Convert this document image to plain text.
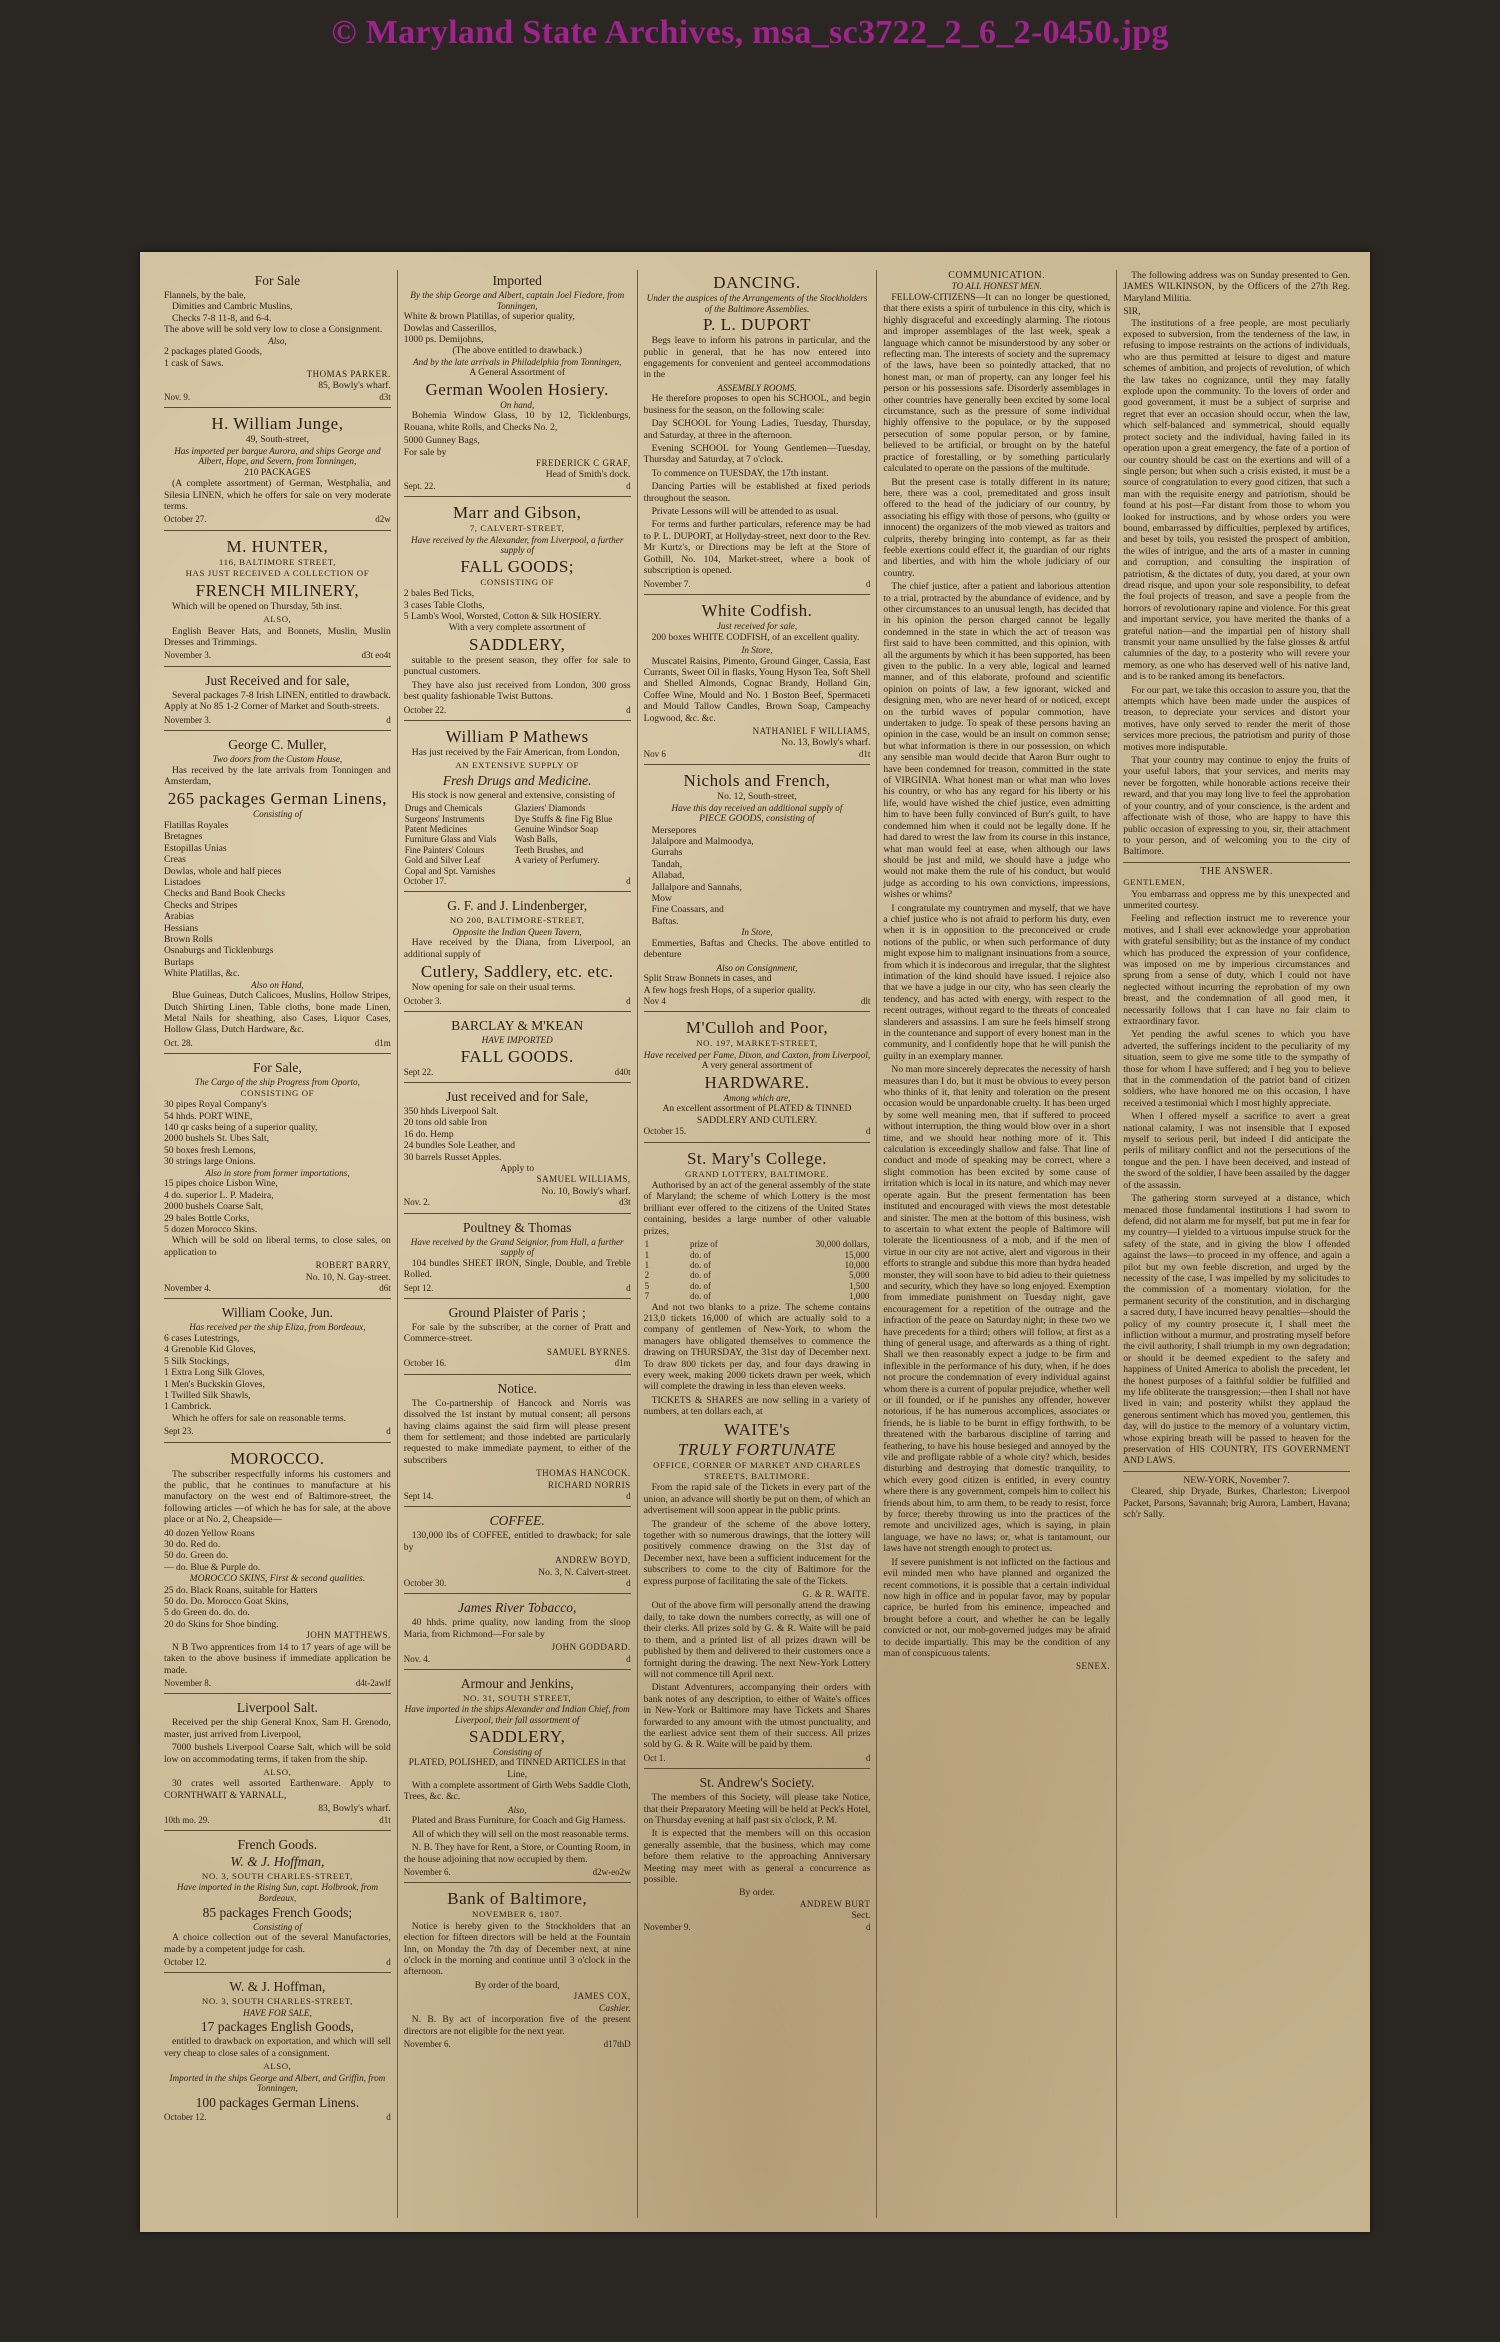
© Maryland State Archives, msa_sc3722_2_6_2-0450.jpg
For Sale
Flannels, by the bale,
Dimities and Cambric Muslins,
Checks 7-8 11-8, and 6-4.
The above will be sold very low to close a Consignment.
Also,
2 packages plated Goods,
1 cask of Saws.
THOMAS PARKER.
85, Bowly's wharf.
Nov. 9.	d3t
H. William Junge,
49, South-street,
Has imported per barque Aurora, and ships George and Albert, Hope, and Severn, from Tonningen,
210 PACKAGES

(A complete assortment) of German, Westphalia, and Silesia LINEN, which he offers for sale on very moderate terms.

October 27.	d2w
M. HUNTER,
116, BALTIMORE STREET,
HAS JUST RECEIVED A COLLECTION OF
FRENCH MILINERY,

Which will be opened on Thursday, 5th inst.

ALSO,

English Beaver Hats, and Bonnets, Muslin, Muslin Dresses and Trimmings.

November 3.	d3t eo4t
Just Received and for sale,

Several packages 7-8 Irish LINEN, entitled to drawback. Apply at No 85 1-2 Corner of Market and South-streets.

November 3.	d
George C. Muller,
Two doors from the Custom House,

Has received by the late arrivals from Tonningen and Amsterdam,

265 packages German Linens,
Consisting of
Flatillas Royales
Bretagnes
Estopillas Unias
Creas
Dowlas, whole and half pieces
Listadoes
Checks and Band Book Checks
Checks and Stripes
Arabias
Hessians
Brown Rolls
Osnaburgs and Ticklenburgs
Burlaps
White Platillas, &c.
Also on Hand,

Blue Guineas, Dutch Calicoes, Muslins, Hollow Stripes, Dutch Shirting Linen, Table cloths, bone made Linen, Metal Nails for sheathing, also Cases, Liquor Cases, Hollow Glass, Dutch Hardware, &c.

Oct. 28.	d1m
For Sale,
The Cargo of the ship Progress from Oporto,
CONSISTING OF
30 pipes Royal Company's
54 hhds. PORT WINE,
140 qr casks being of a superior quality,
2000 bushels St. Ubes Salt,
50 boxes fresh Lemons,
30 strings large Onions.
Also in store from former importations,
15 pipes choice Lisbon Wine,
4 do. superior L. P. Madeira,
2000 bushels Coarse Salt,
29 bales Bottle Corks,
5 dozen Morocco Skins.

Which will be sold on liberal terms, to close sales, on application to

ROBERT BARRY,
No. 10, N. Gay-street.
November 4.	d6t
William Cooke, Jun.
Has received per the ship Eliza, from Bordeaux,
6 cases Lutestrings,
4 Grenoble Kid Gloves,
5 Silk Stockings,
1 Extra Long Silk Gloves,
1 Men's Buckskin Gloves,
1 Twilled Silk Shawls,
1 Cambrick.

Which he offers for sale on reasonable terms.

Sept 23.	d
MOROCCO.

The subscriber respectfully informs his customers and the public, that he continues to manufacture at his manufactory on the west end of Baltimore-street, the following articles —of which he has for sale, at the above place or at No. 2, Cheapside—

40 dozen Yellow Roans
30 do. Red do.
50 do. Green do.
— do. Blue & Purple do.
MOROCCO SKINS, First & second qualities.
25 do. Black Roans, suitable for Hatters
50 do. Do. Morocco Goat Skins,
5 do Green do. do. do.
20 do Skins for Shoe binding.
JOHN MATTHEWS.

N B Two apprentices from 14 to 17 years of age will be taken to the above business if immediate application be made.

November 8.	d4t-2awlf
Liverpool Salt.

Received per the ship General Knox, Sam H. Grenodo, master, just arrived from Liverpool,

7000 bushels Liverpool Coarse Salt, which will be sold low on accommodating terms, if taken from the ship.

ALSO,

30 crates well assorted Earthenware. Apply to CORNTHWAIT & YARNALL,

83, Bowly's wharf.
10th mo. 29.	d1t
French Goods.
W. & J. Hoffman,
NO. 3, SOUTH CHARLES-STREET,
Have imported in the Rising Sun, capt. Holbrook, from Bordeaux,
85 packages French Goods;
Consisting of

A choice collection out of the several Manufactories, made by a competent judge for cash.

October 12.	d
W. & J. Hoffman,
NO. 3, SOUTH CHARLES-STREET,
HAVE FOR SALE,
17 packages English Goods,

entitled to drawback on exportation, and which will sell very cheap to close sales of a consignment.

ALSO,
Imported in the ships George and Albert, and Griffin, from Tonningen,
100 packages German Linens.
October 12.	d
Imported
By the ship George and Albert, captain Joel Fiedore, from Tonningen,
White & brown Platillas, of superior quality,
Dowlas and Casserillos,
1000 ps. Demijohns,
(The above entitled to drawback.)
And by the late arrivals in Philadelphia from Tonningen,
A General Assortment of
German Woolen Hosiery.
On hand,

Bohemia Window Glass, 10 by 12, Ticklenburgs, Rouana, white Rolls, and Checks No. 2,

5000 Gunney Bags,
For sale by
FREDERICK C GRAF,
Head of Smith's dock.
Sept. 22.	d
Marr and Gibson,
7, CALVERT-STREET,
Have received by the Alexander, from Liverpool, a further supply of
FALL GOODS;
CONSISTING OF
2 bales Bed Ticks,
3 cases Table Cloths,
5 Lamb's Wool, Worsted, Cotton & Silk HOSIERY.
With a very complete assortment of
SADDLERY,

suitable to the present season, they offer for sale to punctual customers.

They have also just received from London, 300 gross best quality fashionable Twist Buttons.

October 22.	d
William P Mathews

Has just received by the Fair American, from London,

AN EXTENSIVE SUPPLY OF
Fresh Drugs and Medicine.

His stock is now general and extensive, consisting of

Drugs and Chemicals	Glaziers' Diamonds
Surgeons' Instruments	Dye Stuffs & fine Fig Blue
Patent Medicines	Genuine Windsor Soap
Furniture Glass and Vials	Wash Balls,
Fine Painters' Colours	Teeth Brushes, and
Gold and Silver Leaf	A variety of Perfumery.
Copal and Spt. Varnishes	
October 17.	d
G. F. and J. Lindenberger,
NO 200, BALTIMORE-STREET,
Opposite the Indian Queen Tavern,

Have received by the Diana, from Liverpool, an additional supply of

Cutlery, Saddlery, etc. etc.

Now opening for sale on their usual terms.

October 3.	d
BARCLAY & M'KEAN
HAVE IMPORTED
FALL GOODS.
Sept 22.	d40t
Just received and for Sale,
350 hhds Liverpool Salt.
20 tons old sable Iron
16 do. Hemp
24 bundles Sole Leather, and
30 barrels Russet Apples.
Apply to
SAMUEL WILLIAMS,
No. 10, Bowly's wharf.
Nov. 2.	d3t
Poultney & Thomas
Have received by the Grand Seignior, from Hull, a further supply of

104 bundles SHEET IRON, Single, Double, and Treble Rolled.

Sept 12.	d
Ground Plaister of Paris ;

For sale by the subscriber, at the corner of Pratt and Commerce-street.

SAMUEL BYRNES.
October 16.	d1m
Notice.

The Co-partnership of Hancock and Norris was dissolved the 1st instant by mutual consent; all persons having claims against the said firm will please present them for settlement; and those indebted are particularly requested to make immediate payment, to either of the subscribers

THOMAS HANCOCK.
RICHARD NORRIS
Sept 14.	d
COFFEE.

130,000 lbs of COFFEE, entitled to drawback; for sale by

ANDREW BOYD,
No. 3, N. Calvert-street.
October 30.	d
James River Tobacco,

40 hhds. prime quality, now landing from the sloop Maria, from Richmond—For sale by

JOHN GODDARD.
Nov. 4.	d
Armour and Jenkins,
NO. 31, SOUTH STREET,
Have imported in the ships Alexander and Indian Chief, from Liverpool, their fall assortment of
SADDLERY,
Consisting of
PLATED, POLISHED, and TINNED ARTICLES in that Line,

With a complete assortment of Girth Webs Saddle Cloth, Trees, &c. &c.

Also,

Plated and Brass Furniture, for Coach and Gig Harness.

All of which they will sell on the most reasonable terms.

N. B. They have for Rent, a Store, or Counting Room, in the house adjoining that now occupied by them.

November 6.	d2w-eo2w
Bank of Baltimore,
NOVEMBER 6, 1807.

Notice is hereby given to the Stockholders that an election for fifteen directors will be held at the Fountain Inn, on Monday the 7th day of December next, at nine o'clock in the morning and continue until 3 o'clock in the afternoon.

By order of the board,
JAMES COX,
Cashier.

N. B. By act of incorporation five of the present directors are not eligible for the next year.

November 6.	d17thD
DANCING.
Under the auspices of the Arrangements of the Stockholders of the Baltimore Assemblies.
P. L. DUPORT

Begs leave to inform his patrons in particular, and the public in general, that he has now entered into engagements for convenient and genteel accommodations in the

ASSEMBLY ROOMS.

He therefore proposes to open his SCHOOL, and begin business for the season, on the following scale:

Day SCHOOL for Young Ladies, Tuesday, Thursday, and Saturday, at three in the afternoon.

Evening SCHOOL for Young Gentlemen—Tuesday, Thursday and Saturday, at 7 o'clock.

To commence on TUESDAY, the 17th instant.

Dancing Parties will be established at fixed periods throughout the season.

Private Lessons will will be attended to as usual.

For terms and further particulars, reference may be had to P. L. DUPORT, at Hollyday-street, next door to the Rev. Mr Kurtz's, or Directions may be left at the Store of Gothill, No. 104, Market-street, where a book of subscription is opened.

November 7.	d
White Codfish.
Just received for sale,

200 boxes WHITE CODFISH, of an excellent quality.

In Store,

Muscatel Raisins, Pimento, Ground Ginger, Cassia, East Currants, Sweet Oil in flasks, Young Hyson Tea, Soft Shell and Shelled Almonds, Cognac Brandy, Holland Gin, Coffee Wine, Mould and No. 1 Boston Beef, Spermaceti and Mould Tallow Candles, Brown Soap, Campeachy Logwood, &c. &c.

NATHANIEL F WILLIAMS,
No. 13, Bowly's wharf.
Nov 6	d1t
Nichols and French,
No. 12, South-street,
Have this day received an additional supply of
PIECE GOODS, consisting of
Mersepores
Jalalpore and Malmoodya,
Gurrahs
Tandah,
Allabad,
Jallalpore and Sannahs,
Mow
Fine Coassars, and
Baftas.
In Store,

Emmerties, Baftas and Checks. The above entitled to debenture

Also on Consignment,
Split Straw Bonnets in cases, and
A few hogs fresh Hops, of a superior quality.
Nov 4	dlt
M'Culloh and Poor,
NO. 197, MARKET-STREET,
Have received per Fame, Dixon, and Caxton, from Liverpool,
A very general assortment of
HARDWARE.
Among which are,
An excellent assortment of PLATED & TINNED SADDLERY AND CUTLERY.
October 15.	d
St. Mary's College.
GRAND LOTTERY, BALTIMORE.

Authorised by an act of the general assembly of the state of Maryland; the scheme of which Lottery is the most brilliant ever offered to the citizens of the United States containing, besides a large number of other valuable prizes,

1	prize of	30,000 dollars,
1	do. of	15,000
1	do. of	10,000
2	do. of	5,000
5	do. of	1,500
7	do. of	1,000

And not two blanks to a prize. The scheme contains 213,0 tickets 16,000 of which are actually sold to a company of gentlemen of New-York, to whom the managers have obligated themselves to commence the drawing on THURSDAY, the 31st day of December next. To draw 800 tickets per day, and four days drawing in every week, making 2000 tickets drawn per week, which will complete the drawing in less than eleven weeks.

TICKETS & SHARES are now selling in a variety of numbers, at ten dollars each, at

WAITE's
TRULY FORTUNATE
OFFICE, CORNER OF MARKET AND CHARLES STREETS, BALTIMORE.

From the rapid sale of the Tickets in every part of the union, an advance will shortly be put on them, of which an advertisement will soon appear in the public prints.

The grandeur of the scheme of the above lottery, together with so numerous drawings, that the lottery will positively commence drawing on the 31st day of December next, have been a sufficient inducement for the subscribers to come to the city of Baltimore for the express purpose of facilitating the sale of the Tickets.

G. & R. WAITE.

Out of the above firm will personally attend the drawing daily, to take down the numbers correctly, as will one of their clerks. All prizes sold by G. & R. Waite will be paid to them, and a printed list of all prizes drawn will be published by them and delivered to their customers once a fortnight during the drawing. The next New-York Lottery will not commence till April next.

Distant Adventurers, accompanying their orders with bank notes of any description, to either of Waite's offices in New-York or Baltimore may have Tickets and Shares forwarded to any amount with the utmost punctuality, and the earliest advice sent them of their success. All prizes sold by G. & R. Waite will be paid by them.

Oct 1.	d
St. Andrew's Society.

The members of this Society, will please take Notice, that their Preparatory Meeting will be held at Peck's Hotel, on Thursday evening at half past six o'clock, P. M.

It is expected that the members will on this occasion generally assemble, that the business, which may come before them relative to the approaching Anniversary Meeting may meet with as general a concurrence as possible.

By order.
ANDREW BURT
Sect.
November 9.	d
COMMUNICATION.
TO ALL HONEST MEN.

FELLOW-CITIZENS—It can no longer be questioned, that there exists a spirit of turbulence in this city, which is highly disgraceful and exceedingly alarming. The riotous and improper assemblages of the last week, speak a language which cannot be misunderstood by any sober or reflecting man. The interests of society and the supremacy of the laws, have been so pointedly attacked, that no honest man, or man of property, can any longer feel his person or his possessions safe. Disorderly assemblages in other countries have generally been excited by some local circumstance, such as the pressure of some individual highly offensive to the populace, or by the supposed persecution of some popular person, or by famine, believed to be artificial, or brought on by the hateful practice of forestalling, or by something particularly calculated to operate on the passions of the multitude.

But the present case is totally different in its nature; here, there was a cool, premeditated and gross insult offered to the head of the judiciary of our country, by associating his effigy with those of persons, who (guilty or innocent) the organizers of the mob viewed as traitors and culprits, thereby bringing into contempt, as far as their feeble exertions could effect it, the guardian of our rights and liberties, and with him the whole judiciary of our country.

The chief justice, after a patient and laborious attention to a trial, protracted by the abundance of evidence, and by other circumstances to an unusual length, has decided that in his opinion the person charged cannot be legally condemned in the state in which the act of treason was first said to have been committed, and this opinion, with all the arguments by which it has been supported, has been given to the public. In a very able, logical and learned manner, and of this elaborate, profound and scientific opinion on points of law, a few ignorant, wicked and designing men, who are never heard of or noticed, except on the turbid waves of popular commotion, have undertaken to judge. To speak of these persons having an opinion in the case, would be an insult on common sense; but what information is there in our possession, on which any sensible man would decide that Aaron Burr ought to have been condemned for treason, committed in the state of VIRGINIA. What honest man or what man who loves his country, or who has any regard for his liberty or his life, would have wished the chief justice, even admitting him to have been fully convinced of Burr's guilt, to have condemned him when it could not be legally done. If he had dared to wrest the law from its course in this instance, what man would feel at ease, when although our laws should be just and mild, we should have a judge who would not make them the rule of his conduct, but would judge as according to his own convictions, impressions, wishes or whims?

I congratulate my countrymen and myself, that we have a chief justice who is not afraid to perform his duty, even when it is in opposition to the preconceived or crude notions of the public, or when such performance of duty might expose him to malignant insinuations from a source, from which it is indecorous and irregular, that the slightest intimation of the kind should have issued. I rejoice also that we have a judge in our city, who has seen clearly the tendency, and has acted with energy, with respect to the recent outrages, without regard to the threats of concealed slanderers and assassins. I am sure he feels himself strong in the countenance and support of every honest man in the community, and I confidently hope that he will punish the guilty in an exemplary manner.

No man more sincerely deprecates the necessity of harsh measures than I do, but it must be obvious to every person who thinks of it, that lenity and toleration on the present occasion would be unpardonable cruelty. It has been urged by some well meaning men, that if suffered to proceed without interruption, the thing would blow over in a short time, and we should hear nothing more of it. This calculation is exceedingly shallow and false. That line of conduct and mode of speaking may be correct, where a slight commotion has been excited by some cause of irritation which is local in its nature, and which may never operate again. But the present fermentation has been instituted and encouraged with views the most detestable and sinister. The men at the bottom of this business, wish to ascertain to what extent the people of Baltimore will tolerate the licentiousness of a mob, and if the men of virtue in our city are not active, alert and vigorous in their efforts to strangle and subdue this more than hydra headed monster, they will soon have to bid adieu to their quietness and security, which they have so long enjoyed. Exemption from immediate punishment on Tuesday night, gave encouragement for a repetition of the outrage and the infraction of the peace on Saturday night; in these two we have precedents for a third; others will follow, at first as a thing of general usage, and afterwards as a thing of right. Shall we then reasonably expect a judge to be firm and inflexible in the performance of his duty, when, if he does not procure the condemnation of every individual against whom there is a current of popular prejudice, whether well or ill founded, or if he punishes any offender, however notorious, if he has numerous accomplices, associates or friends, he is liable to be burnt in effigy forthwith, to be threatened with the barbarous discipline of tarring and feathering, to have his house besieged and annoyed by the vile and profligate rabble of a whole city? which, besides disturbing and destroying that domestic tranquility, to which every good citizen is entitled, in every country where there is any government, compels him to collect his friends about him, to arm them, to be ready to resist, force by force; thereby throwing us into the practices of the remote and uncivilized ages, which is saying, in plain language, we have no laws; or, what is tantamount, our laws have not strength enough to protect us.

If severe punishment is not inflicted on the factious and evil minded men who have planned and organized the recent commotions, it is possible that a certain individual now high in office and in popular favor, may by popular caprice, be hurled from his eminence, impeached and brought before a court, and whether he can be legally convicted or not, our mob-governed judges may be afraid to decide impartially. This may be the condition of any man of conspicuous talents.

SENEX.

The following address was on Sunday presented to Gen. JAMES WILKINSON, by the Officers of the 27th Reg. Maryland Militia.

SIR,

The institutions of a free people, are most peculiarly exposed to subversion, from the tenderness of the law, in refusing to impose restraints on the actions of individuals, who are thus permitted at leisure to digest and mature schemes of ambition, and projects of revolution, of which the law takes no cognizance, until they may fatally explode upon the community. To the lovers of order and good government, it must be a subject of surprise and regret that ever an occasion should occur, when the law, which self-balanced and symmetrical, should equally protect society and the individual, having failed in its operation upon a great emergency, the fate of a portion of our country should be cast on the exertions and will of a single person; but when such a crisis existed, it must be a source of congratulation to every good citizen, that such a man with the requisite energy and patriotism, should be found at his post—Far distant from those to whom you looked for instructions, and by whose orders you were bound, embarrassed by difficulties, perplexed by artifices, and beset by toils, you resisted the prospect of ambition, the wiles of intrigue, and the arts of a master in cunning and corruption, and consulting the inspiration of patriotism, & the dictates of duty, you dared, at your own dread risque, and upon your sole responsibility, to defeat the foul projects of treason, and save a people from the horrors of revolutionary rapine and violence. For this great and important service, you have merited the thanks of a grateful nation—and the impartial pen of history shall transmit your name unsullied by the false glosses & artful calumnies of the day, to a posterity who will revere your memory, as one who has deserved well of his native land, and is to be ranked among its benefactors.

For our part, we take this occasion to assure you, that the attempts which have been made under the auspices of treason, to depreciate your services and distort your motives, have only served to render the merit of those services more precious, the patriotism and purity of those motives more indisputable.

That your country may continue to enjoy the fruits of your useful labors, that your services, and merits may never be forgotten, while honorable actions receive their reward, and that you may long live to feel the approbation of your country, and of your conscience, is the ardent and affectionate wish of those, who are happy to have this public occasion of expressing to you, sir, their attachment to your person, and of welcoming you to the city of Baltimore.

THE ANSWER.
GENTLEMEN,

You embarrass and oppress me by this unexpected and unmerited courtesy.

Feeling and reflection instruct me to reverence your motives, and I shall ever acknowledge your approbation with grateful sensibility; but as the instance of my conduct which has produced the expression of your confidence, was imposed on me by imperious circumstances and sprung from a sense of duty, which I could not have neglected without incurring the reprobation of my own breast, and the condemnation of all good men, it necessarily follows that I can have no fair claim to extraordinary favor.

Yet pending the awful scenes to which you have adverted, the sufferings incident to the peculiarity of my situation, seem to give me some title to the sympathy of those for whom I have suffered; and I beg you to believe that in the commendation of the patriot band of citizen soldiers, who have honored me on this occasion, I have received a testimonial which I most highly appreciate.

When I offered myself a sacrifice to avert a great national calamity, I was not insensible that I exposed myself to serious peril, but indeed I did anticipate the perils of military conflict and not the persecutions of the tongue and the pen. I have been deceived, and instead of the sword of the soldier, I have been assailed by the dagger of the assassin.

The gathering storm surveyed at a distance, which menaced those fundamental institutions I had sworn to defend, did not alarm me for myself, but put me in fear for my country—I yielded to a virtuous impulse struck for the safety of the state, and in giving the blow I offended against the laws—to proceed in my offence, and again a pilot but my own feeble discretion, and urged by the necessity of the case, I was impelled by my solicitudes to the commission of a momentary violation, for the permanent security of the constitution, and in discharging a sacred duty, I have incurred heavy penalties—should the policy of my country prosecute it, I shall meet the infliction without a murmur, and prostrating myself before the civil authority, I shall triumph in my own degradation; or should it be deemed expedient to the safety and happiness of United America to abolish the precedent, let the honest purposes of a faithful soldier be fulfilled and my life obliterate the transgression;—then I shall not have lived in vain; and posterity whilst they applaud the generous sentiment which has moved you, gentlemen, this day, will do justice to the memory of a voluntary victim, whose expiring breath will be passed to heaven for the preservation of HIS COUNTRY, ITS GOVERNMENT AND LAWS.

NEW-YORK, November 7.

Cleared, ship Dryade, Burkes, Charleston; Liverpool Packet, Parsons, Savannah; brig Aurora, Lambert, Havana; sch'r Sally.
